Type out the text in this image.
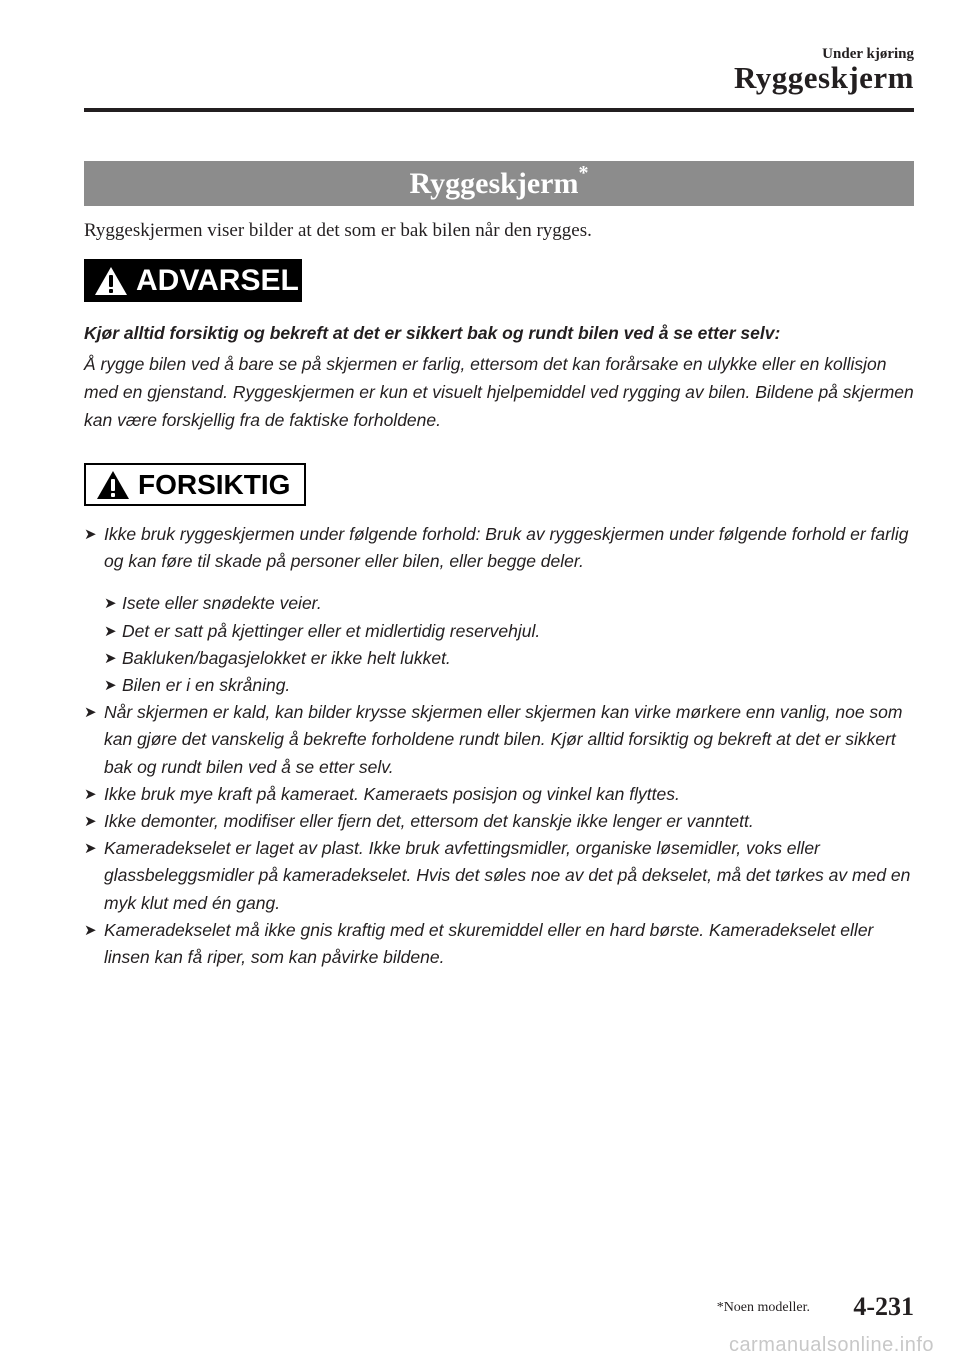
Under kjøring
Ryggeskjerm
Ryggeskjerm*
Ryggeskjermen viser bilder at det som er bak bilen når den rygges.
ADVARSEL
Kjør alltid forsiktig og bekreft at det er sikkert bak og rundt bilen ved å se etter selv:
Å rygge bilen ved å bare se på skjermen er farlig, ettersom det kan forårsake en ulykke eller en kollisjon med en gjenstand. Ryggeskjermen er kun et visuelt hjelpemiddel ved rygging av bilen. Bildene på skjermen kan være forskjellig fra de faktiske forholdene.
FORSIKTIG
➤ Ikke bruk ryggeskjermen under følgende forhold: Bruk av ryggeskjermen under følgende forhold er farlig og kan føre til skade på personer eller bilen, eller begge deler.
➤ Isete eller snødekte veier.
➤ Det er satt på kjettinger eller et midlertidig reservehjul.
➤ Bakluken/bagasjelokket er ikke helt lukket.
➤ Bilen er i en skråning.
➤ Når skjermen er kald, kan bilder krysse skjermen eller skjermen kan virke mørkere enn vanlig, noe som kan gjøre det vanskelig å bekrefte forholdene rundt bilen. Kjør alltid forsiktig og bekreft at det er sikkert bak og rundt bilen ved å se etter selv.
➤ Ikke bruk mye kraft på kameraet. Kameraets posisjon og vinkel kan flyttes.
➤ Ikke demonter, modifiser eller fjern det, ettersom det kanskje ikke lenger er vanntett.
➤ Kameradekselet er laget av plast. Ikke bruk avfettingsmidler, organiske løsemidler, voks eller glassbeleggsmidler på kameradekselet. Hvis det søles noe av det på dekselet, må det tørkes av med en myk klut med én gang.
➤ Kameradekselet må ikke gnis kraftig med et skuremiddel eller en hard børste. Kameradekselet eller linsen kan få riper, som kan påvirke bildene.
*Noen modeller. 4-231
carmanualsonline.info
